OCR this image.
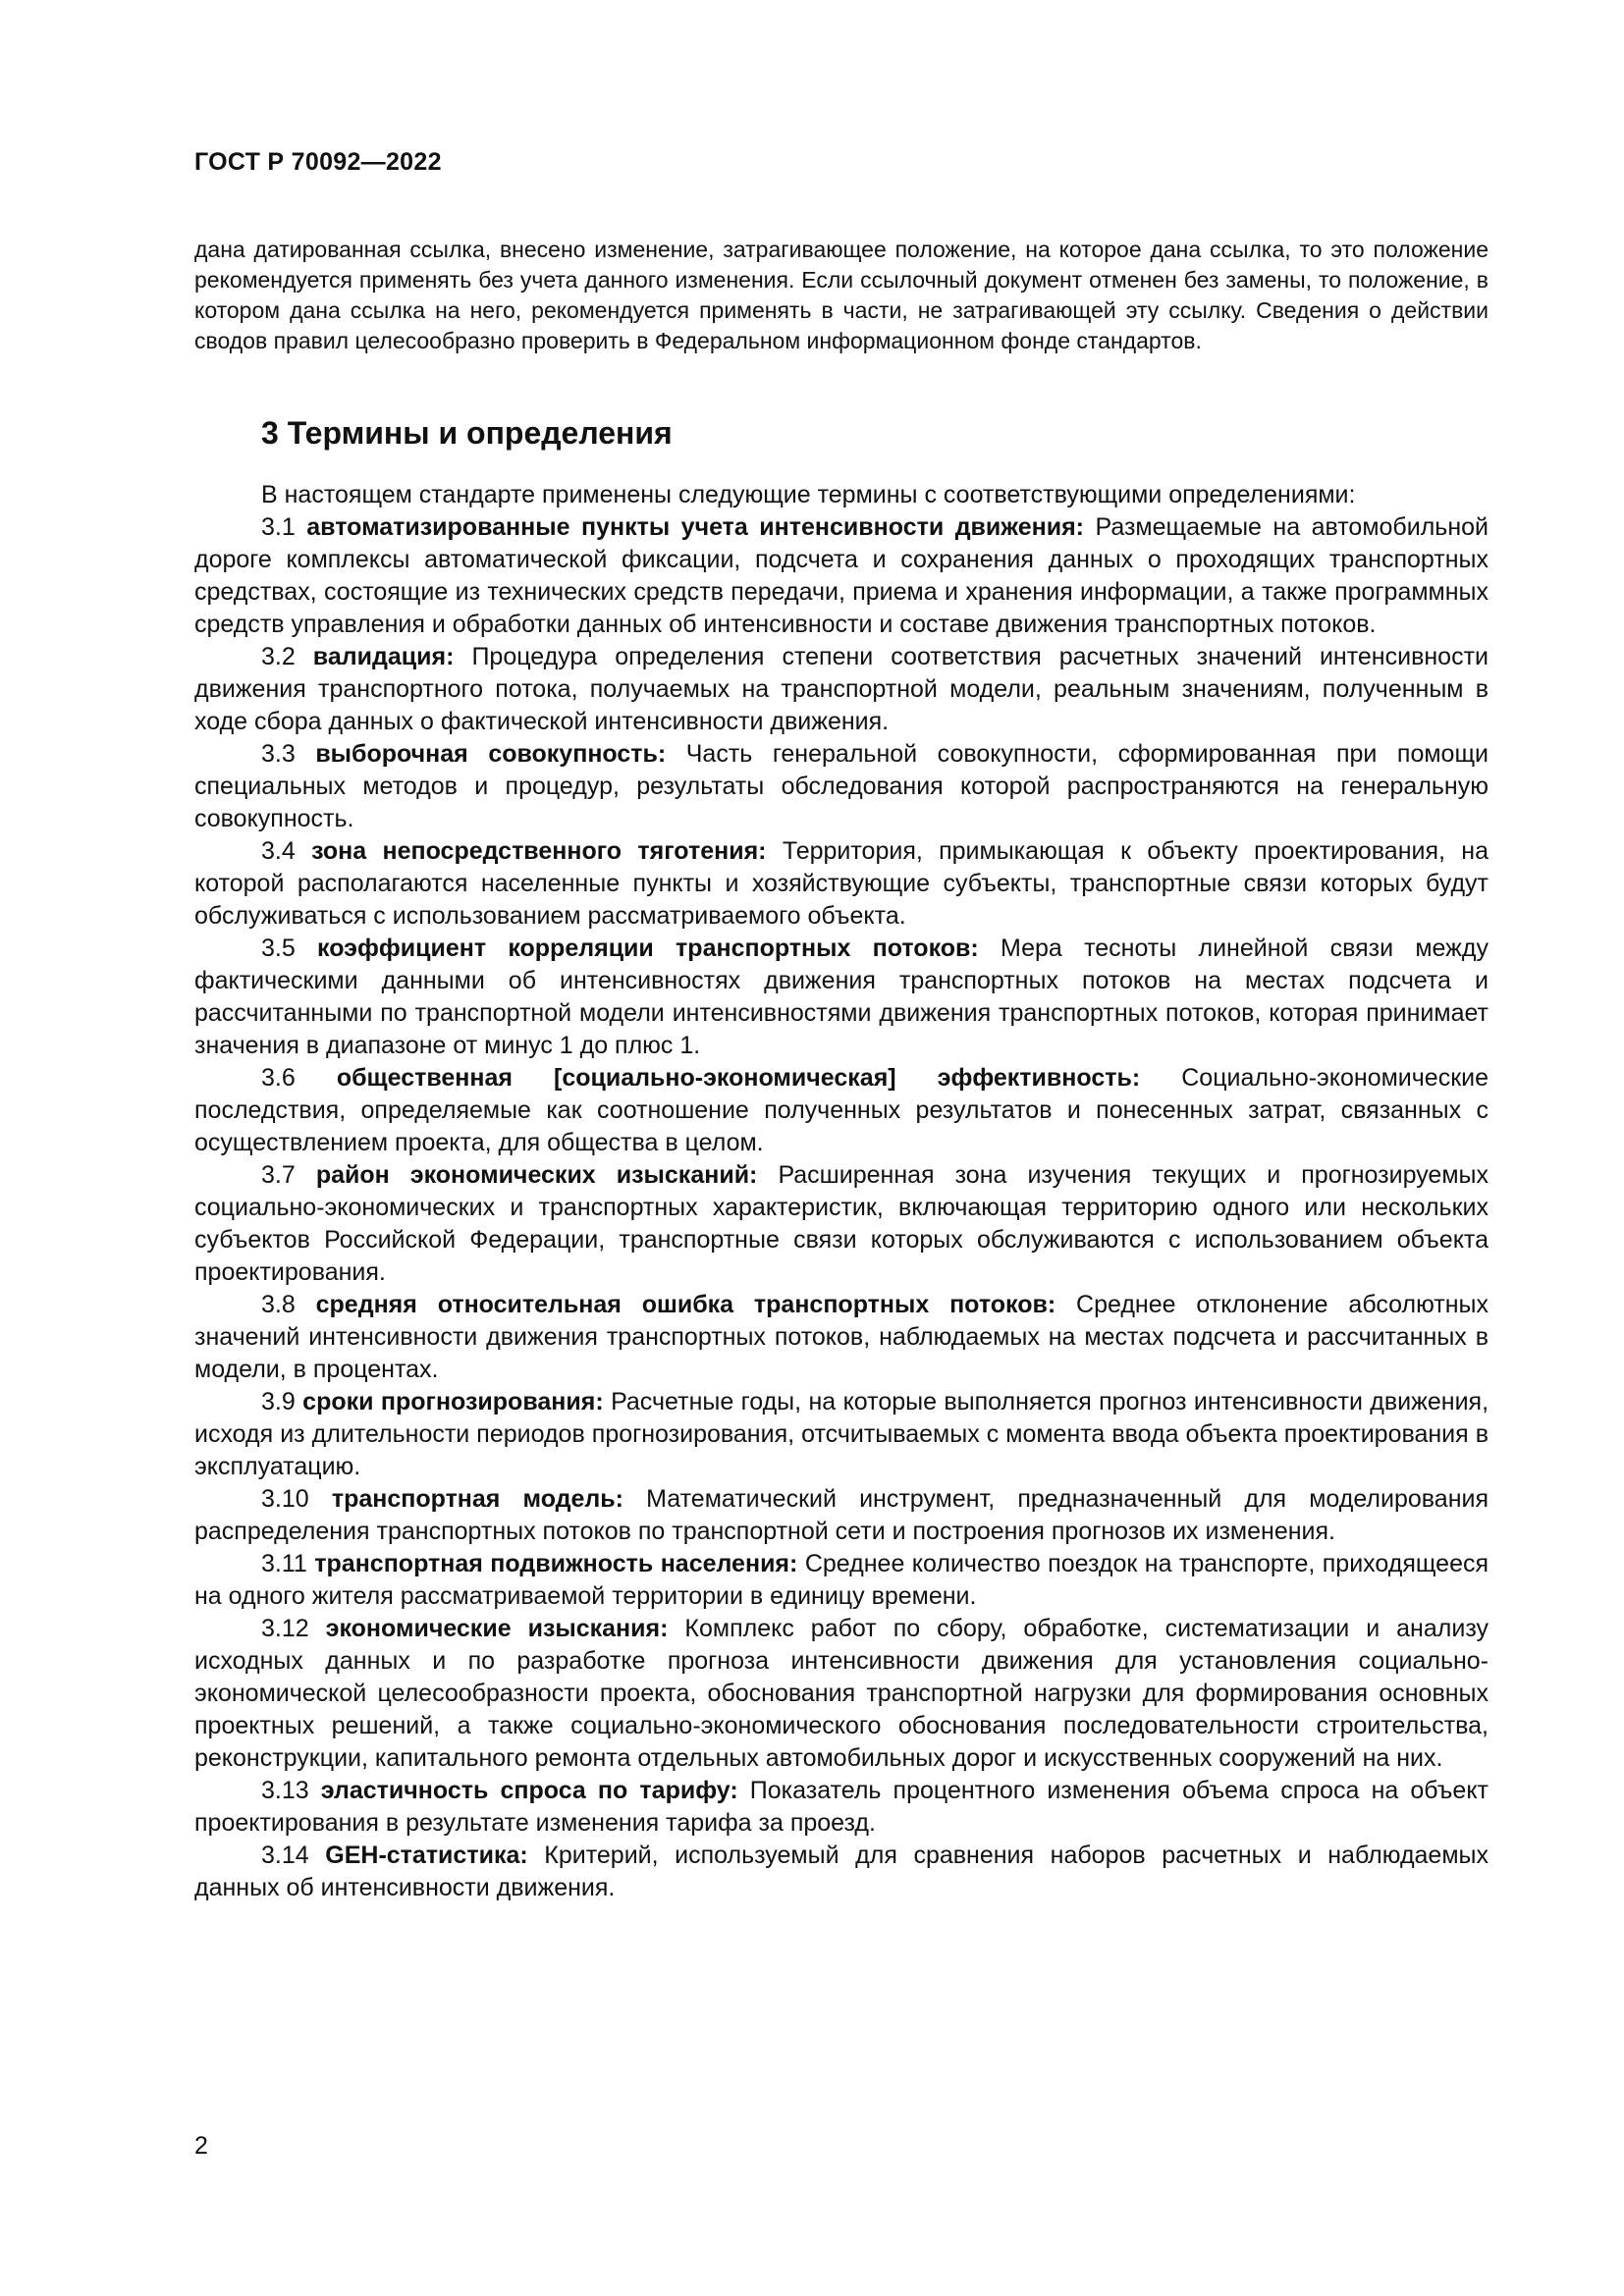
ГОСТ Р 70092—2022

дана датированная ссылка, внесено изменение, затрагивающее положение, на которое дана ссылка, то это положение рекомендуется применять без учета данного изменения. Если ссылочный документ отменен без замены, то положение, в котором дана ссылка на него, рекомендуется применять в части, не затрагивающей эту ссылку. Сведения о действии сводов правил целесообразно проверить в Федеральном информационном фонде стандартов.

3 Термины и определения

В настоящем стандарте применены следующие термины с соответствующими определениями:

3.1 автоматизированные пункты учета интенсивности движения: Размещаемые на автомобильной дороге комплексы автоматической фиксации, подсчета и сохранения данных о проходящих транспортных средствах, состоящие из технических средств передачи, приема и хранения информации, а также программных средств управления и обработки данных об интенсивности и составе движения транспортных потоков.

3.2 валидация: Процедура определения степени соответствия расчетных значений интенсивности движения транспортного потока, получаемых на транспортной модели, реальным значениям, полученным в ходе сбора данных о фактической интенсивности движения.

3.3 выборочная совокупность: Часть генеральной совокупности, сформированная при помощи специальных методов и процедур, результаты обследования которой распространяются на генеральную совокупность.

3.4 зона непосредственного тяготения: Территория, примыкающая к объекту проектирования, на которой располагаются населенные пункты и хозяйствующие субъекты, транспортные связи которых будут обслуживаться с использованием рассматриваемого объекта.

3.5 коэффициент корреляции транспортных потоков: Мера тесноты линейной связи между фактическими данными об интенсивностях движения транспортных потоков на местах подсчета и рассчитанными по транспортной модели интенсивностями движения транспортных потоков, которая принимает значения в диапазоне от минус 1 до плюс 1.

3.6 общественная [социально-экономическая] эффективность: Социально-экономические последствия, определяемые как соотношение полученных результатов и понесенных затрат, связанных с осуществлением проекта, для общества в целом.

3.7 район экономических изысканий: Расширенная зона изучения текущих и прогнозируемых социально-экономических и транспортных характеристик, включающая территорию одного или нескольких субъектов Российской Федерации, транспортные связи которых обслуживаются с использованием объекта проектирования.

3.8 средняя относительная ошибка транспортных потоков: Среднее отклонение абсолютных значений интенсивности движения транспортных потоков, наблюдаемых на местах подсчета и рассчитанных в модели, в процентах.

3.9 сроки прогнозирования: Расчетные годы, на которые выполняется прогноз интенсивности движения, исходя из длительности периодов прогнозирования, отсчитываемых с момента ввода объекта проектирования в эксплуатацию.

3.10 транспортная модель: Математический инструмент, предназначенный для моделирования распределения транспортных потоков по транспортной сети и построения прогнозов их изменения.

3.11 транспортная подвижность населения: Среднее количество поездок на транспорте, приходящееся на одного жителя рассматриваемой территории в единицу времени.

3.12 экономические изыскания: Комплекс работ по сбору, обработке, систематизации и анализу исходных данных и по разработке прогноза интенсивности движения для установления социально-экономической целесообразности проекта, обоснования транспортной нагрузки для формирования основных проектных решений, а также социально-экономического обоснования последовательности строительства, реконструкции, капитального ремонта отдельных автомобильных дорог и искусственных сооружений на них.

3.13 эластичность спроса по тарифу: Показатель процентного изменения объема спроса на объект проектирования в результате изменения тарифа за проезд.

3.14 GEH-статистика: Критерий, используемый для сравнения наборов расчетных и наблюдаемых данных об интенсивности движения.

2
